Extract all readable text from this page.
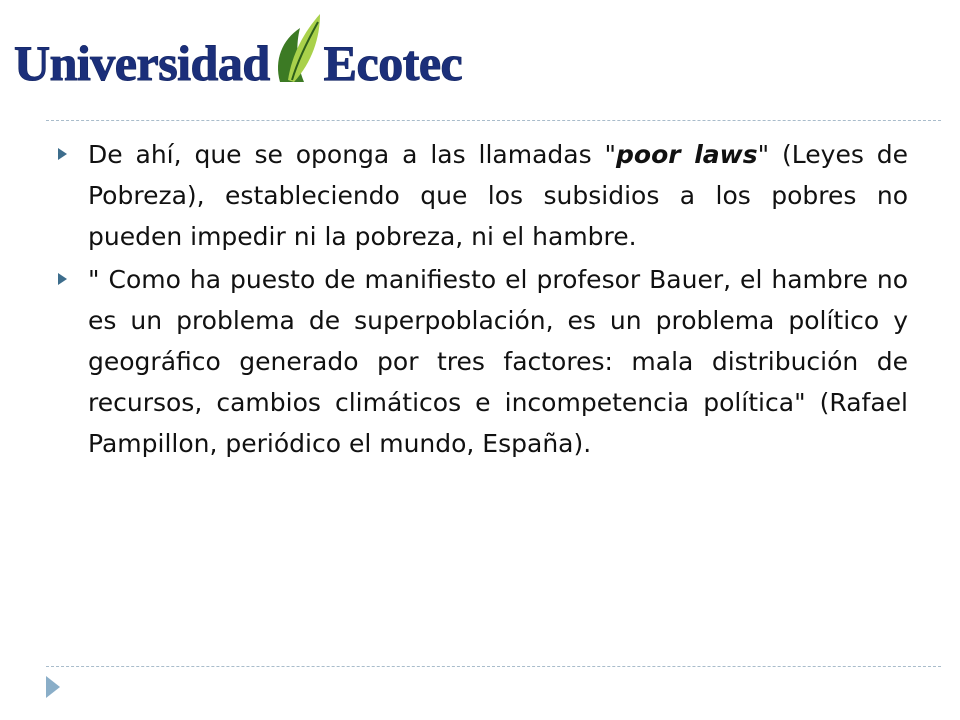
Universidad Ecotec
De ahí, que se oponga a las llamadas "poor laws" (Leyes de Pobreza), estableciendo que los subsidios a los pobres no pueden impedir ni la pobreza, ni el hambre.
" Como ha puesto de manifiesto el profesor Bauer, el hambre no es un problema de superpoblación, es un problema político y geográfico generado por tres factores: mala distribución de recursos, cambios climáticos e incompetencia política" (Rafael Pampillon, periódico el mundo, España).
